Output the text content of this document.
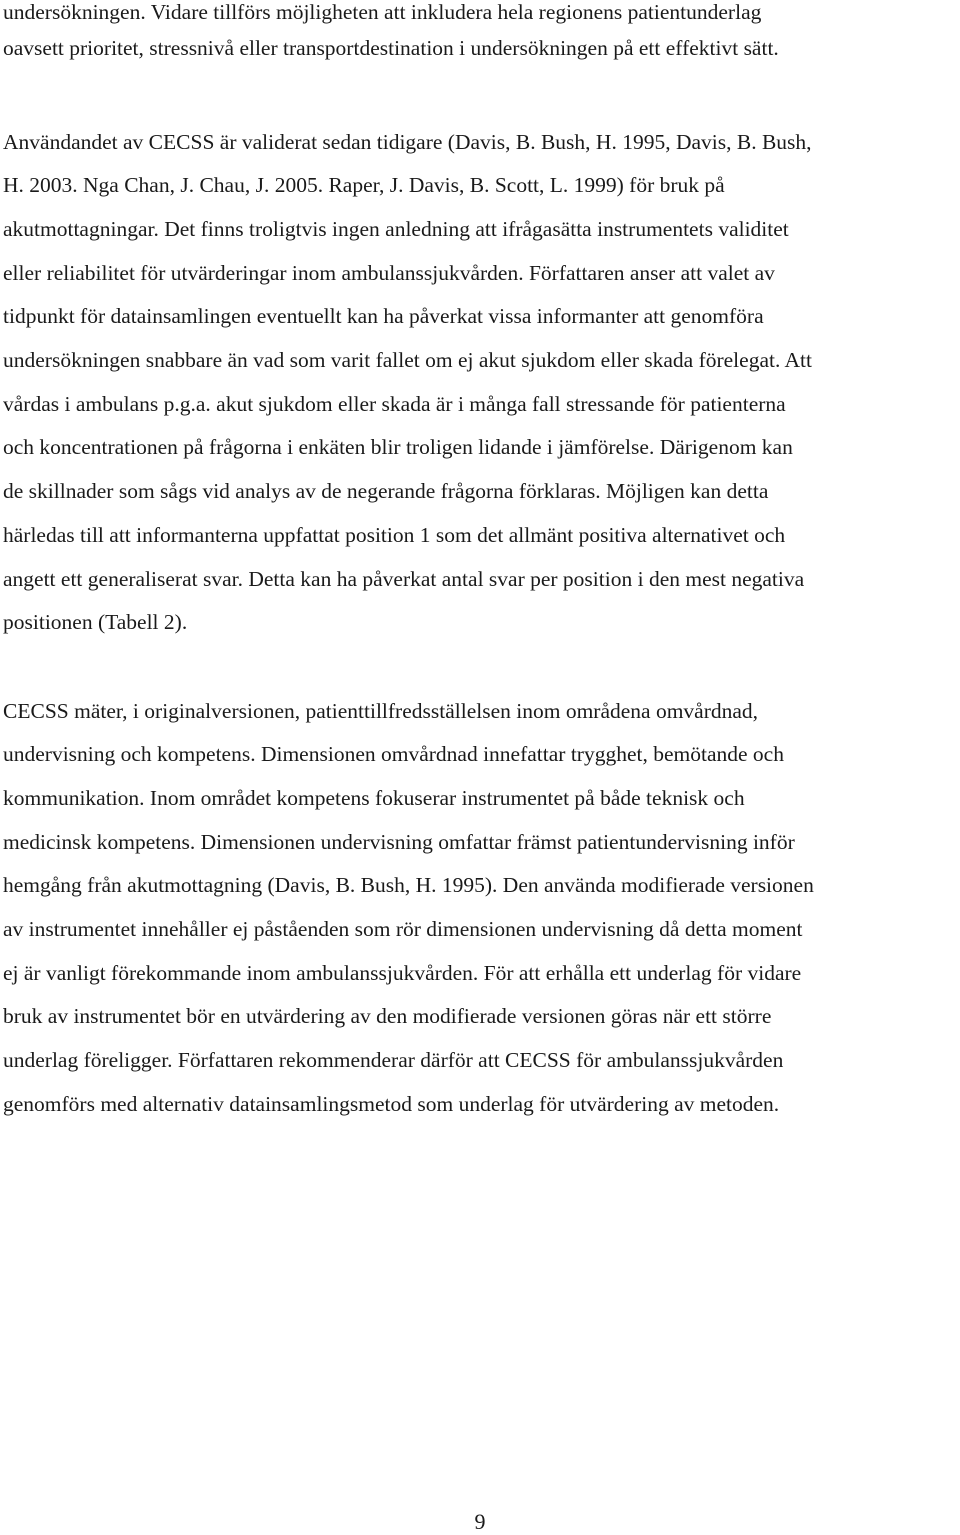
undersökningen. Vidare tillförs möjligheten att inkludera hela regionens patientunderlag
oavsett prioritet, stressnivå eller transportdestination i undersökningen på ett effektivt sätt.
Användandet av CECSS är validerat sedan tidigare (Davis, B. Bush, H. 1995, Davis, B. Bush,
H. 2003. Nga Chan, J. Chau, J. 2005. Raper, J. Davis, B. Scott, L. 1999) för bruk på
akutmottagningar. Det finns troligtvis ingen anledning att ifrågasätta instrumentets validitet
eller reliabilitet för utvärderingar inom ambulanssjukvården. Författaren anser att valet av
tidpunkt för datainsamlingen eventuellt kan ha påverkat vissa informanter att genomföra
undersökningen snabbare än vad som varit fallet om ej akut sjukdom eller skada förelegat. Att
vårdas i ambulans p.g.a. akut sjukdom eller skada är i många fall stressande för patienterna
och koncentrationen på frågorna i enkäten blir troligen lidande i jämförelse. Därigenom kan
de skillnader som sågs vid analys av de negerande frågorna förklaras. Möjligen kan detta
härledas till att informanterna uppfattat position 1 som det allmänt positiva alternativet och
angett ett generaliserat svar. Detta kan ha påverkat antal svar per position i den mest negativa
positionen (Tabell 2).
CECSS mäter, i originalversionen, patienttillfredsställelsen inom områdena omvårdnad,
undervisning och kompetens. Dimensionen omvårdnad innefattar trygghet, bemötande och
kommunikation. Inom området kompetens fokuserar instrumentet på både teknisk och
medicinsk kompetens. Dimensionen undervisning omfattar främst patientundervisning inför
hemgång från akutmottagning (Davis, B. Bush, H. 1995). Den använda modifierade versionen
av instrumentet innehåller ej påståenden som rör dimensionen undervisning då detta moment
ej är vanligt förekommande inom ambulanssjukvården. För att erhålla ett underlag för vidare
bruk av instrumentet bör en utvärdering av den modifierade versionen göras när ett större
underlag föreligger. Författaren rekommenderar därför att CECSS för ambulanssjukvården
genomförs med alternativ datainsamlingsmetod som underlag för utvärdering av metoden.
9
